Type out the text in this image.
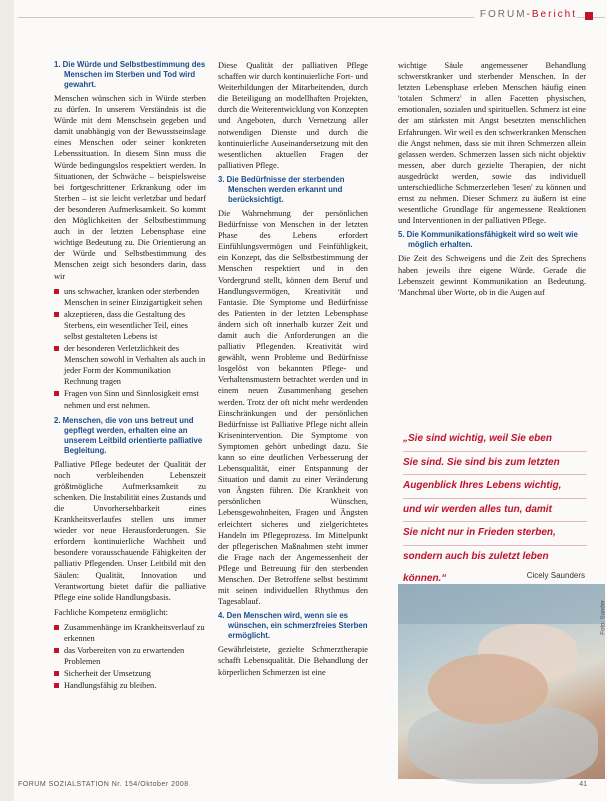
FORUM-Bericht
1. Die Würde und Selbstbestimmung des Menschen im Sterben und Tod wird gewahrt.

Menschen wünschen sich in Würde sterben zu dürfen. In unserem Verständnis ist die Würde mit dem Menschsein gegeben und damit unabhängig von der Bewusstseinslage eines Menschen oder seiner konkreten Lebenssituation. In diesem Sinn muss die Würde bedingungslos respektiert werden. In Situationen, der Schwäche – beispielsweise bei fortgeschrittener Erkrankung oder im Sterben – ist sie leicht verletzbar und bedarf der besonderen Aufmerksamkeit. So kommt den Möglichkeiten der Selbstbestimmung auch in der letzten Lebensphase eine wichtige Bedeutung zu. Die Orientierung an der Würde und Selbstbestimmung des Menschen zeigt sich besonders darin, dass wir

uns schwacher, kranken oder sterbenden Menschen in seiner Einzigartigkeit sehen
akzeptieren, dass die Gestaltung des Sterbens, ein wesentlicher Teil, eines selbst gestalteten Lebens ist
der besonderen Verletzlichkeit des Menschen sowohl in Verhalten als auch in jeder Form der Kommunikation Rechnung tragen
Fragen von Sinn und Sinnlosigkeit ernst nehmen und erst nehmen.
2. Menschen, die von uns betreut und gepflegt werden, erhalten eine an unserem Leitbild orientierte palliative Begleitung.

Palliative Pflege bedeutet der Qualität der noch verbleibenden Lebenszeit größtmögliche Aufmerksamkeit zu schenken. Die Instabilität eines Zustands und die Unvorhersehbarkeit eines Krankheitsverlaufes stellen uns immer wieder vor neue Herausforderungen. Sie erfordern kontinuierliche Wachheit und besondere vorausschauende Fähigkeiten der palliativ Pflegenden. Unser Leitbild mit den Säulen: Qualität, Innovation und Verantwortung bietet dafür die palliative Pflege eine solide Handlungsbasis.

Fachliche Kompetenz ermöglicht:

Zusammenhänge im Krankheitsverlauf zu erkennen
das Vorbereiten von zu erwartenden Problemen
Sicherheit der Umsetzung
Handlungsfähig zu bleiben.

Diese Qualität der palliativen Pflege schaffen wir durch kontinuierliche Fort- und Weiterbildungen der Mitarbeitenden, durch die Beteiligung an modellhaften Projekten, durch die Weiterentwicklung von Konzepten und Angeboten, durch Vernetzung aller notwendigen Dienste und durch die kontinuierliche Auseinandersetzung mit den wesentlichen aktuellen Fragen der palliativen Pflege.

3. Die Bedürfnisse der sterbenden Menschen werden erkannt und berücksichtigt.

Die Wahrnehmung der persönlichen Bedürfnisse von Menschen in der letzten Phase des Lebens erfordert Einfühlungsvermögen und Feinfühligkeit, ein Konzept, das die Selbstbestimmung der Menschen respektiert und in den Vordergrund stellt, können dem Beruf und Handlungsvermögen, Kreativität und Fantasie. Die Symptome und Bedürfnisse des Patienten in der letzten Lebensphase ändern sich oft innerhalb kurzer Zeit und damit auch die Anforderungen an die palliativ Pflegenden. Kreativität wird gewählt, wenn Probleme und Bedürfnisse losgelöst von bekannten Pflege- und Verhaltensmustern betrachtet werden und in einem neuen Zusammenhang gesehen werden. Trotz der oft nicht mehr werdenden Einschränkungen und der persönlichen Bedürfnisse ist Palliative Pflege nicht allein Krisenintervention. Die Symptome von Symptomen gehört unbedingt dazu. Sie kann so eine deutlichen Verbesserung der Lebensqualität, einer Entspannung der Situation und damit zu einer Veränderung von Ängsten führen. Die Krankheit von persönlichen Wünschen, Lebensgewohnheiten, Fragen und Ängsten erleichtert sicheres und zielgerichtetes Handeln im Pflegeprozess. Im Mittelpunkt der pflegerischen Maßnahmen steht immer die Frage nach der Angemessenheit der Pflege und Betreuung für den sterbenden Menschen. Der Betroffene selbst bestimmt mit seinen individuellen Rhythmus den Tagesablauf.

4. Den Menschen wird, wenn sie es wünschen, ein schmerzfreies Sterben ermöglicht.

Gewährleistete, gezielte Schmerztherapie schafft Lebensqualität. Die Behandlung der körperlichen Schmerzen ist eine

wichtige Säule angemessener Behandlung schwerstkranker und sterbender Menschen. In der letzten Lebensphase erleben Menschen häufig einen 'totalen Schmerz' in allen Facetten physischen, emotionalen, sozialen und spirituellen. Schmerz ist eine der am stärksten mit Angst besetzten menschlichen Erfahrungen. Wir weil es den schwerkranken Menschen die Angst nehmen, dass sie mit ihren Schmerzen allein gelassen werden. Schmerzen lassen sich nicht objektiv messen, aber durch gezielte Therapien, der nicht ausgedrückt werden, sowie das individuell unterschiedliche Schmerzerleben 'lesen' zu können und ernst zu nehmen. Dieser Schmerz zu äußern ist eine wesentliche Grundlage für angemessene Reaktionen und Interventionen in der palliativen Pflege.

5. Die Kommunikationsfähigkeit wird so weit wie möglich erhalten.

Die Zeit des Schweigens und die Zeit des Sprechens haben jeweils ihre eigene Würde. Gerade die Lebenszeit gewinnt Kommunikation an Bedeutung. 'Manchmal über Worte, ob in die Augen auf

„Sie sind wichtig, weil Sie eben
Sie sind. Sie sind bis zum letzten
Augenblick Ihres Lebens wichtig,
und wir werden alles tun, damit
Sie nicht nur in Frieden sterben,
sondern auch bis zuletzt leben können.“	Cicely Saunders
Foto: Sander
FORUM SOZIALSTATION Nr. 154/Oktober 2008	41
